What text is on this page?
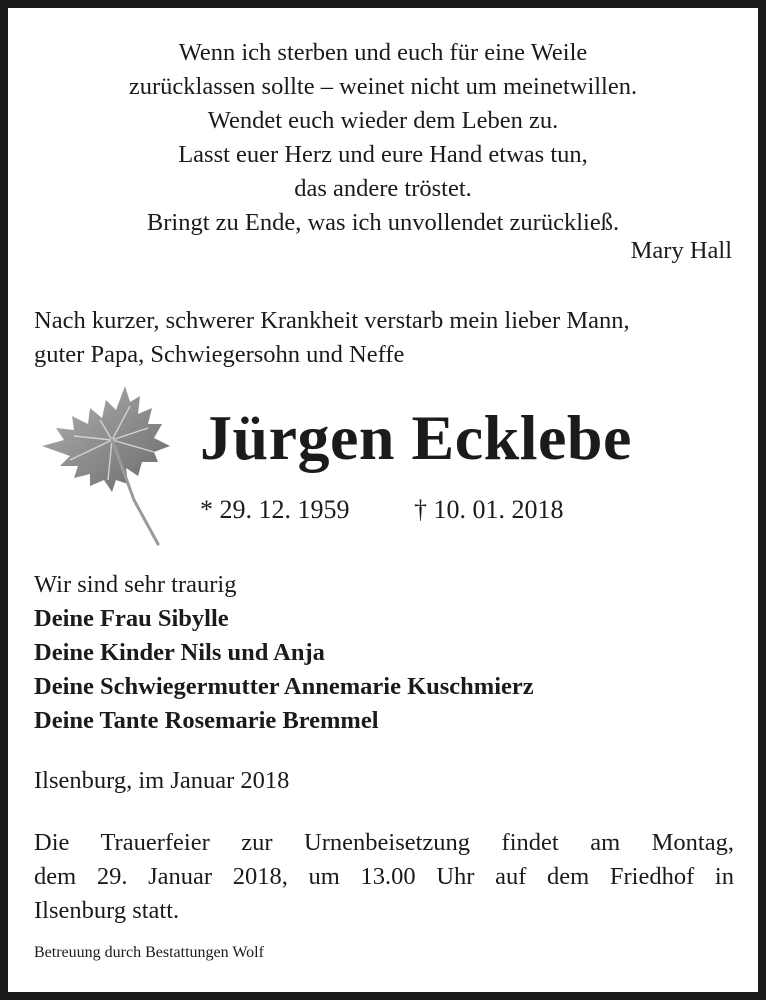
Wenn ich sterben und euch für eine Weile
zurücklassen sollte – weinet nicht um meinetwillen.
Wendet euch wieder dem Leben zu.
Lasst euer Herz und eure Hand etwas tun,
das andere tröstet.
Bringt zu Ende, was ich unvollendet zurückließ.
Mary Hall
Nach kurzer, schwerer Krankheit verstarb mein lieber Mann,
guter Papa, Schwiegersohn und Neffe
Jürgen Ecklebe
* 29. 12. 1959 † 10. 01. 2018
Wir sind sehr traurig
Deine Frau Sibylle
Deine Kinder Nils und Anja
Deine Schwiegermutter Annemarie Kuschmierz
Deine Tante Rosemarie Bremmel
Ilsenburg, im Januar 2018
Die Trauerfeier zur Urnenbeisetzung findet am Montag,
dem 29. Januar 2018, um 13.00 Uhr auf dem Friedhof in
Ilsenburg statt.
Betreuung durch Bestattungen Wolf
